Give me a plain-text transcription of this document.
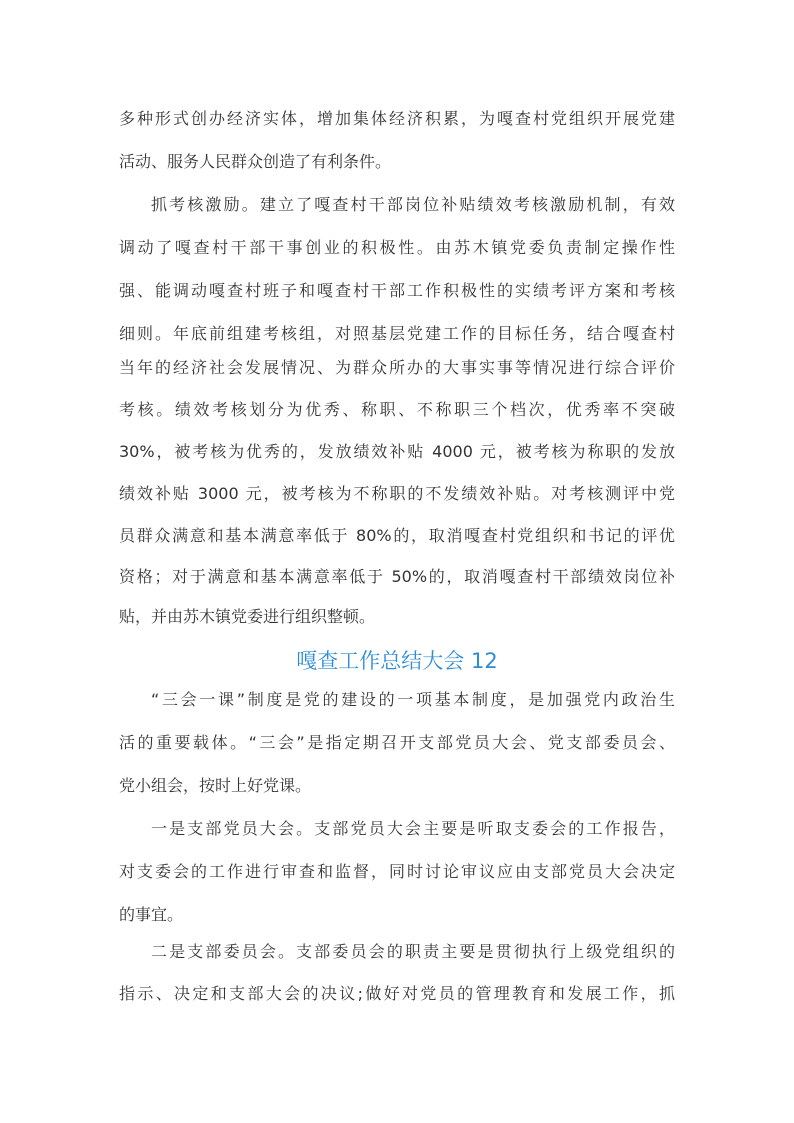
多种形式创办经济实体，增加集体经济积累，为嘎查村党组织开展党建
活动、服务人民群众创造了有利条件。
抓考核激励。建立了嘎查村干部岗位补贴绩效考核激励机制，有效
调动了嘎查村干部干事创业的积极性。由苏木镇党委负责制定操作性
强、能调动嘎查村班子和嘎查村干部工作积极性的实绩考评方案和考核
细则。年底前组建考核组，对照基层党建工作的目标任务，结合嘎查村
当年的经济社会发展情况、为群众所办的大事实事等情况进行综合评价
考核。绩效考核划分为优秀、称职、不称职三个档次，优秀率不突破
30%，被考核为优秀的，发放绩效补贴 4000 元，被考核为称职的发放
绩效补贴 3000 元，被考核为不称职的不发绩效补贴。对考核测评中党
员群众满意和基本满意率低于 80%的，取消嘎查村党组织和书记的评优
资格；对于满意和基本满意率低于 50%的，取消嘎查村干部绩效岗位补
贴，并由苏木镇党委进行组织整顿。
嘎查工作总结大会 12
“三会一课”制度是党的建设的一项基本制度，是加强党内政治生
活的重要载体。“三会”是指定期召开支部党员大会、党支部委员会、
党小组会，按时上好党课。
一是支部党员大会。支部党员大会主要是听取支委会的工作报告，
对支委会的工作进行审查和监督，同时讨论审议应由支部党员大会决定
的事宜。
二是支部委员会。支部委员会的职责主要是贯彻执行上级党组织的
指示、决定和支部大会的决议;做好对党员的管理教育和发展工作，抓
